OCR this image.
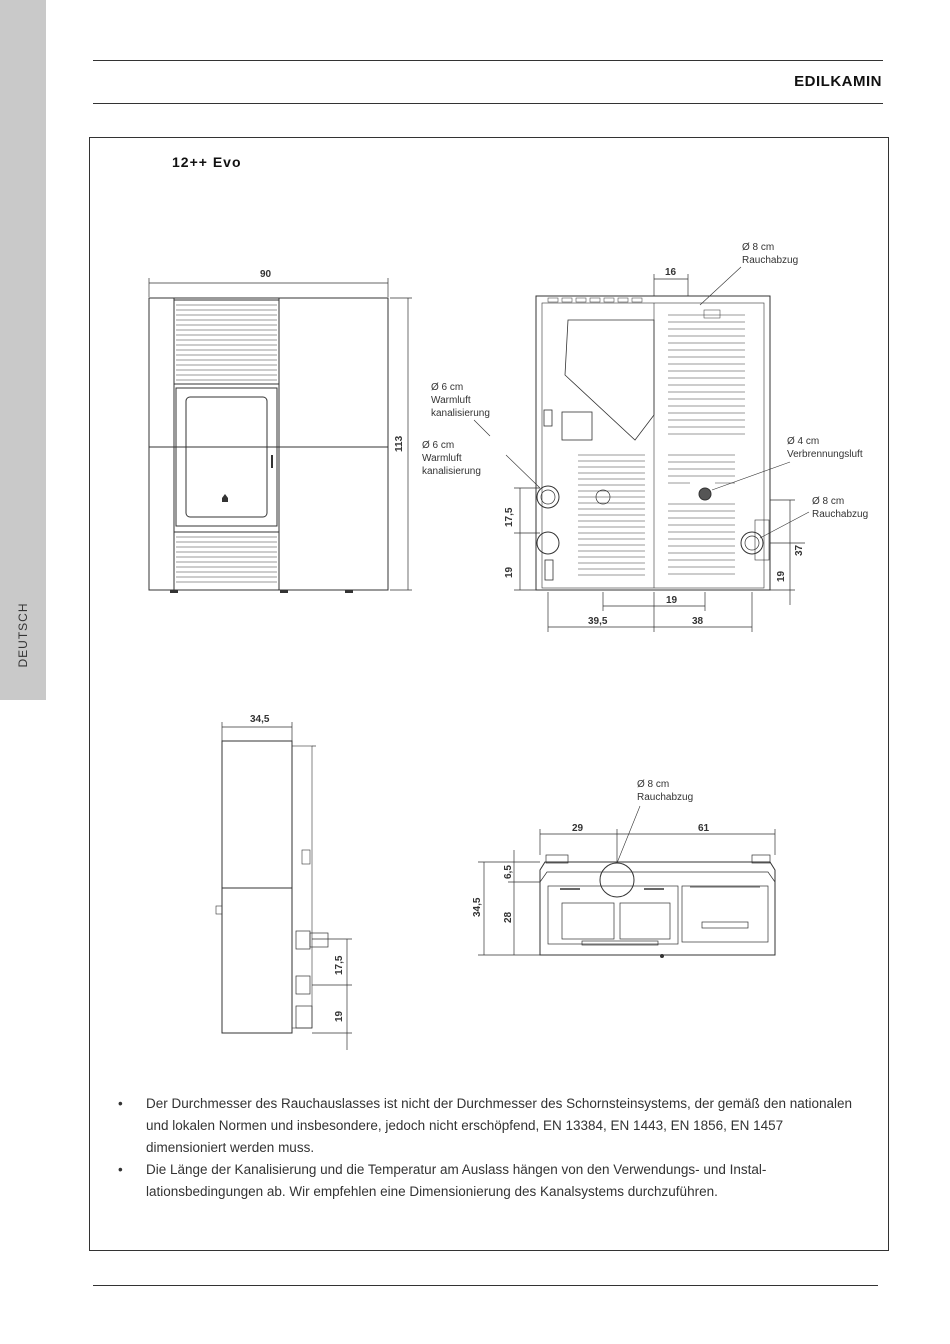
DEUTSCH
EDILKAMIN
12++ Evo
90
113
16
17,5
19
37
19
19
39,5	38
Ø 8 cm
Rauchabzug
Ø 6 cm
Warmluft
kanalisierung
Ø 6 cm
Warmluft
kanalisierung
Ø 4 cm
Verbrennungsluft
Ø 8 cm
Rauchabzug
34,5
17,5
19
29	61
34,5
6,5
28
Ø 8 cm
Rauchabzug
• Der Durchmesser des Rauchauslasses ist nicht der Durchmesser des Schornsteinsystems, der gemäß den nationalen und lokalen Normen und insbesondere, jedoch nicht erschöpfend, EN 13384, EN 1443, EN 1856, EN 1457 dimensioniert werden muss.
• Die Länge der Kanalisierung und die Temperatur am Auslass hängen von den Verwendungs- und Instal-lationsbedingungen ab. Wir empfehlen eine Dimensionierung des Kanalsystems durchzuführen.
